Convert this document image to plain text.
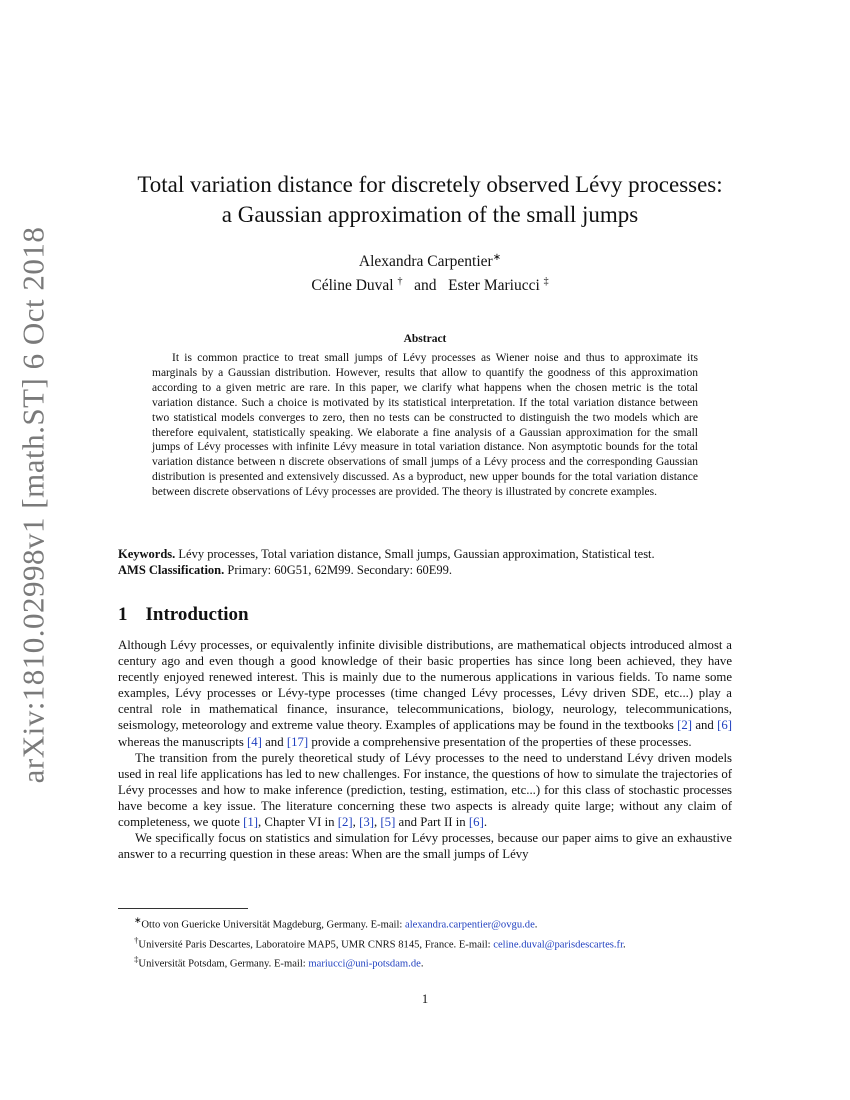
arXiv:1810.02998v1 [math.ST] 6 Oct 2018
Total variation distance for discretely observed Lévy processes:
a Gaussian approximation of the small jumps
Alexandra Carpentier∗
Céline Duval † and Ester Mariucci ‡
Abstract

It is common practice to treat small jumps of Lévy processes as Wiener noise and thus to approximate its marginals by a Gaussian distribution. However, results that allow to quantify the goodness of this approximation according to a given metric are rare. In this paper, we clarify what happens when the chosen metric is the total variation distance. Such a choice is motivated by its statistical interpretation. If the total variation distance between two statistical models converges to zero, then no tests can be constructed to distinguish the two models which are therefore equivalent, statistically speaking. We elaborate a fine analysis of a Gaussian approximation for the small jumps of Lévy processes with infinite Lévy measure in total variation distance. Non asymptotic bounds for the total variation distance between n discrete observations of small jumps of a Lévy process and the corresponding Gaussian distribution is presented and extensively discussed. As a byproduct, new upper bounds for the total variation distance between discrete observations of Lévy processes are provided. The theory is illustrated by concrete examples.

Keywords. Lévy processes, Total variation distance, Small jumps, Gaussian approximation, Statistical test.
AMS Classification. Primary: 60G51, 62M99. Secondary: 60E99.
1 Introduction

Although Lévy processes, or equivalently infinite divisible distributions, are mathematical objects introduced almost a century ago and even though a good knowledge of their basic properties has since long been achieved, they have recently enjoyed renewed interest. This is mainly due to the numerous applications in various fields. To name some examples, Lévy processes or Lévy-type processes (time changed Lévy processes, Lévy driven SDE, etc...) play a central role in mathematical finance, insurance, telecommunications, biology, neurology, telecommunications, seismology, meteorology and extreme value theory. Examples of applications may be found in the textbooks [2] and [6] whereas the manuscripts [4] and [17] provide a comprehensive presentation of the properties of these processes.

The transition from the purely theoretical study of Lévy processes to the need to understand Lévy driven models used in real life applications has led to new challenges. For instance, the questions of how to simulate the trajectories of Lévy processes and how to make inference (prediction, testing, estimation, etc...) for this class of stochastic processes have become a key issue. The literature concerning these two aspects is already quite large; without any claim of completeness, we quote [1], Chapter VI in [2], [3], [5] and Part II in [6].

We specifically focus on statistics and simulation for Lévy processes, because our paper aims to give an exhaustive answer to a recurring question in these areas: When are the small jumps of Lévy

∗Otto von Guericke Universität Magdeburg, Germany. E-mail: alexandra.carpentier@ovgu.de.
†Université Paris Descartes, Laboratoire MAP5, UMR CNRS 8145, France. E-mail: celine.duval@parisdescartes.fr.
‡Universität Potsdam, Germany. E-mail: mariucci@uni-potsdam.de.
1
